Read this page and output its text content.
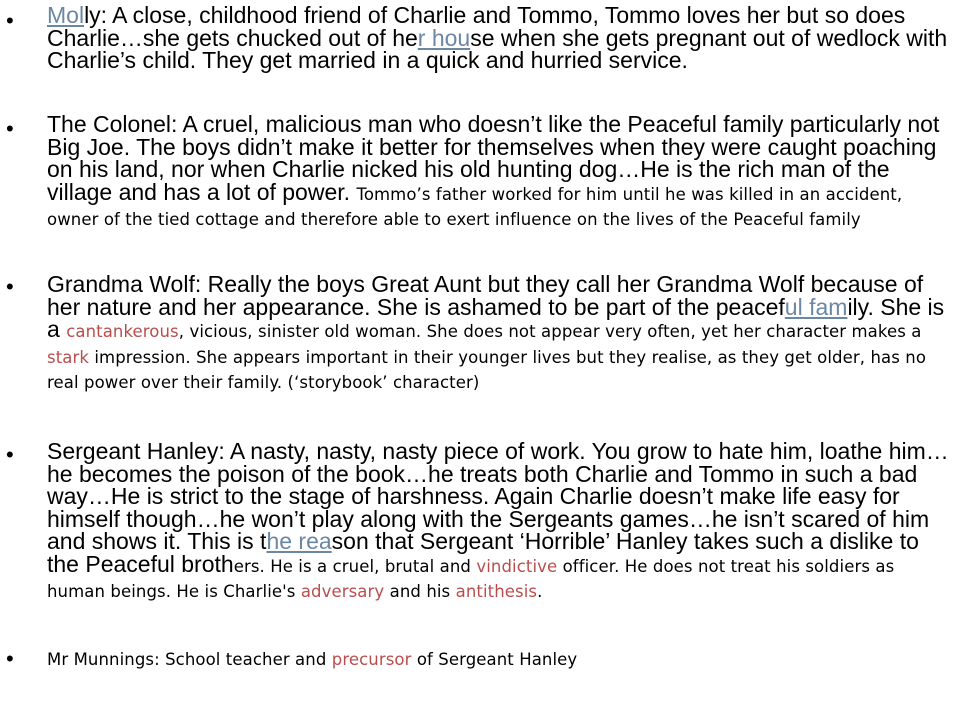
• Molly: A close, childhood friend of Charlie and Tommo, Tommo loves her but so does Charlie…she gets chucked out of her house when she gets pregnant out of wedlock with Charlie’s child. They get married in a quick and hurried service.
• The Colonel: A cruel, malicious man who doesn’t like the Peaceful family particularly not Big Joe. The boys didn’t make it better for themselves when they were caught poaching on his land, nor when Charlie nicked his old hunting dog…He is the rich man of the village and has a lot of power. Tommo’s father worked for him until he was killed in an accident, owner of the tied cottage and therefore able to exert influence on the lives of the Peaceful family
• Grandma Wolf: Really the boys Great Aunt but they call her Grandma Wolf because of her nature and her appearance. She is ashamed to be part of the peaceful family. She is a cantankerous, vicious, sinister old woman. She does not appear very often, yet her character makes a stark impression. She appears important in their younger lives but they realise, as they get older, has no real power over their family. (‘storybook’ character)
• Sergeant Hanley: A nasty, nasty, nasty piece of work. You grow to hate him, loathe him…he becomes the poison of the book…he treats both Charlie and Tommo in such a bad way…He is strict to the stage of harshness. Again Charlie doesn’t make life easy for himself though…he won’t play along with the Sergeants games…he isn’t scared of him and shows it. This is the reason that Sergeant ‘Horrible’ Hanley takes such a dislike to the Peaceful brothers. He is a cruel, brutal and vindictive officer. He does not treat his soldiers as human beings. He is Charlie's adversary and his antithesis.
• Mr Munnings: School teacher and precursor of Sergeant Hanley
